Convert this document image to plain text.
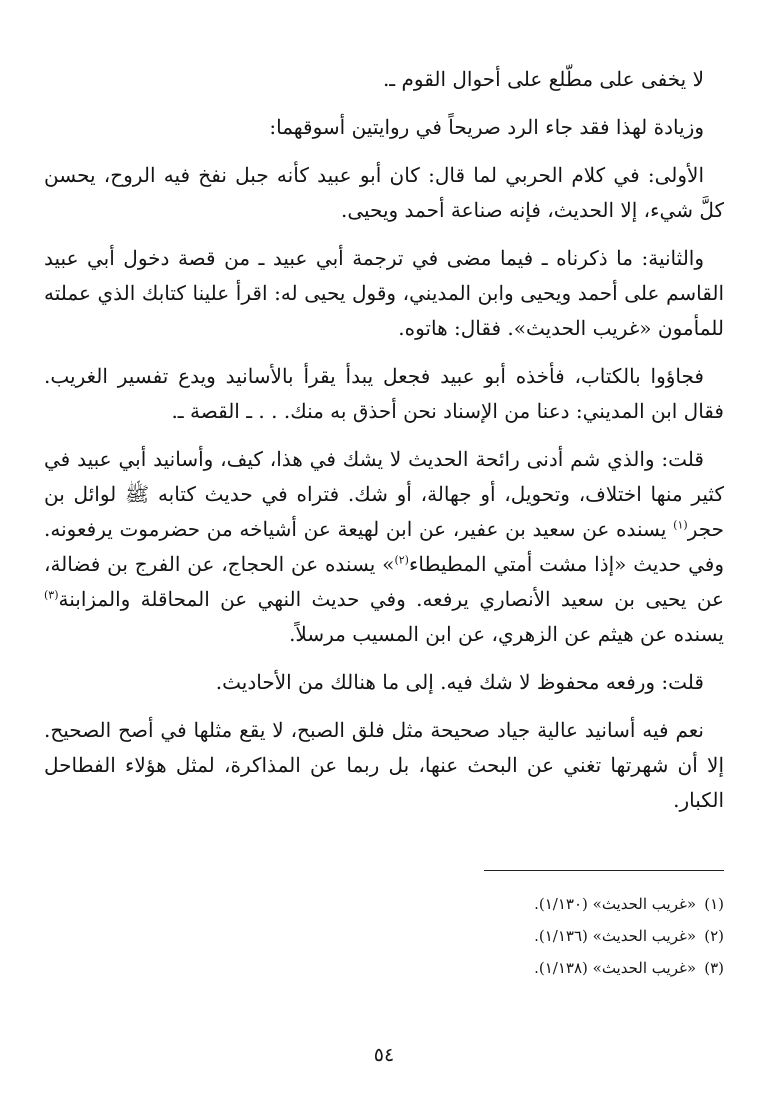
لا يخفى على مطّلع على أحوال القوم ـ.

وزيادة لهذا فقد جاء الرد صريحاً في روايتين أسوقهما:

الأولى: في كلام الحربي لما قال: كان أبو عبيد كأنه جبل نفخ فيه الروح، يحسن كلَّ شيء، إلا الحديث، فإنه صناعة أحمد ويحيى.

والثانية: ما ذكرناه ـ فيما مضى في ترجمة أبي عبيد ـ من قصة دخول أبي عبيد القاسم على أحمد ويحيى وابن المديني، وقول يحيى له: اقرأ علينا كتابك الذي عملته للمأمون «غريب الحديث». فقال: هاتوه.

فجاؤوا بالكتاب، فأخذه أبو عبيد فجعل يبدأ يقرأ بالأسانيد ويدع تفسير الغريب. فقال ابن المديني: دعنا من الإسناد نحن أحذق به منك. . . ـ القصة ـ.

قلت: والذي شم أدنى رائحة الحديث لا يشك في هذا، كيف، وأسانيد أبي عبيد في كثير منها اختلاف، وتحويل، أو جهالة، أو شك. فتراه في حديث كتابه ﷺ لوائل بن حجر$^{(١)}$ يسنده عن سعيد بن عفير، عن ابن لهيعة عن أشياخه من حضرموت يرفعونه. وفي حديث «إذا مشت أمتي المطيطاء$^{(٢)}$» يسنده عن الحجاج، عن الفرج بن فضالة، عن يحيى بن سعيد الأنصاري يرفعه. وفي حديث النهي عن المحاقلة والمزابنة$^{(٣)}$ يسنده عن هيثم عن الزهري، عن ابن المسيب مرسلاً.

قلت: ورفعه محفوظ لا شك فيه. إلى ما هنالك من الأحاديث.

نعم فيه أسانيد عالية جياد صحيحة مثل فلق الصبح، لا يقع مثلها في أصح الصحيح. إلا أن شهرتها تغني عن البحث عنها، بل ربما عن المذاكرة، لمثل هؤلاء الفطاحل الكبار.

(١)«غريب الحديث» (١/١٣٠).
(٢)«غريب الحديث» (١/١٣٦).
(٣)«غريب الحديث» (١/١٣٨).
٥٤
